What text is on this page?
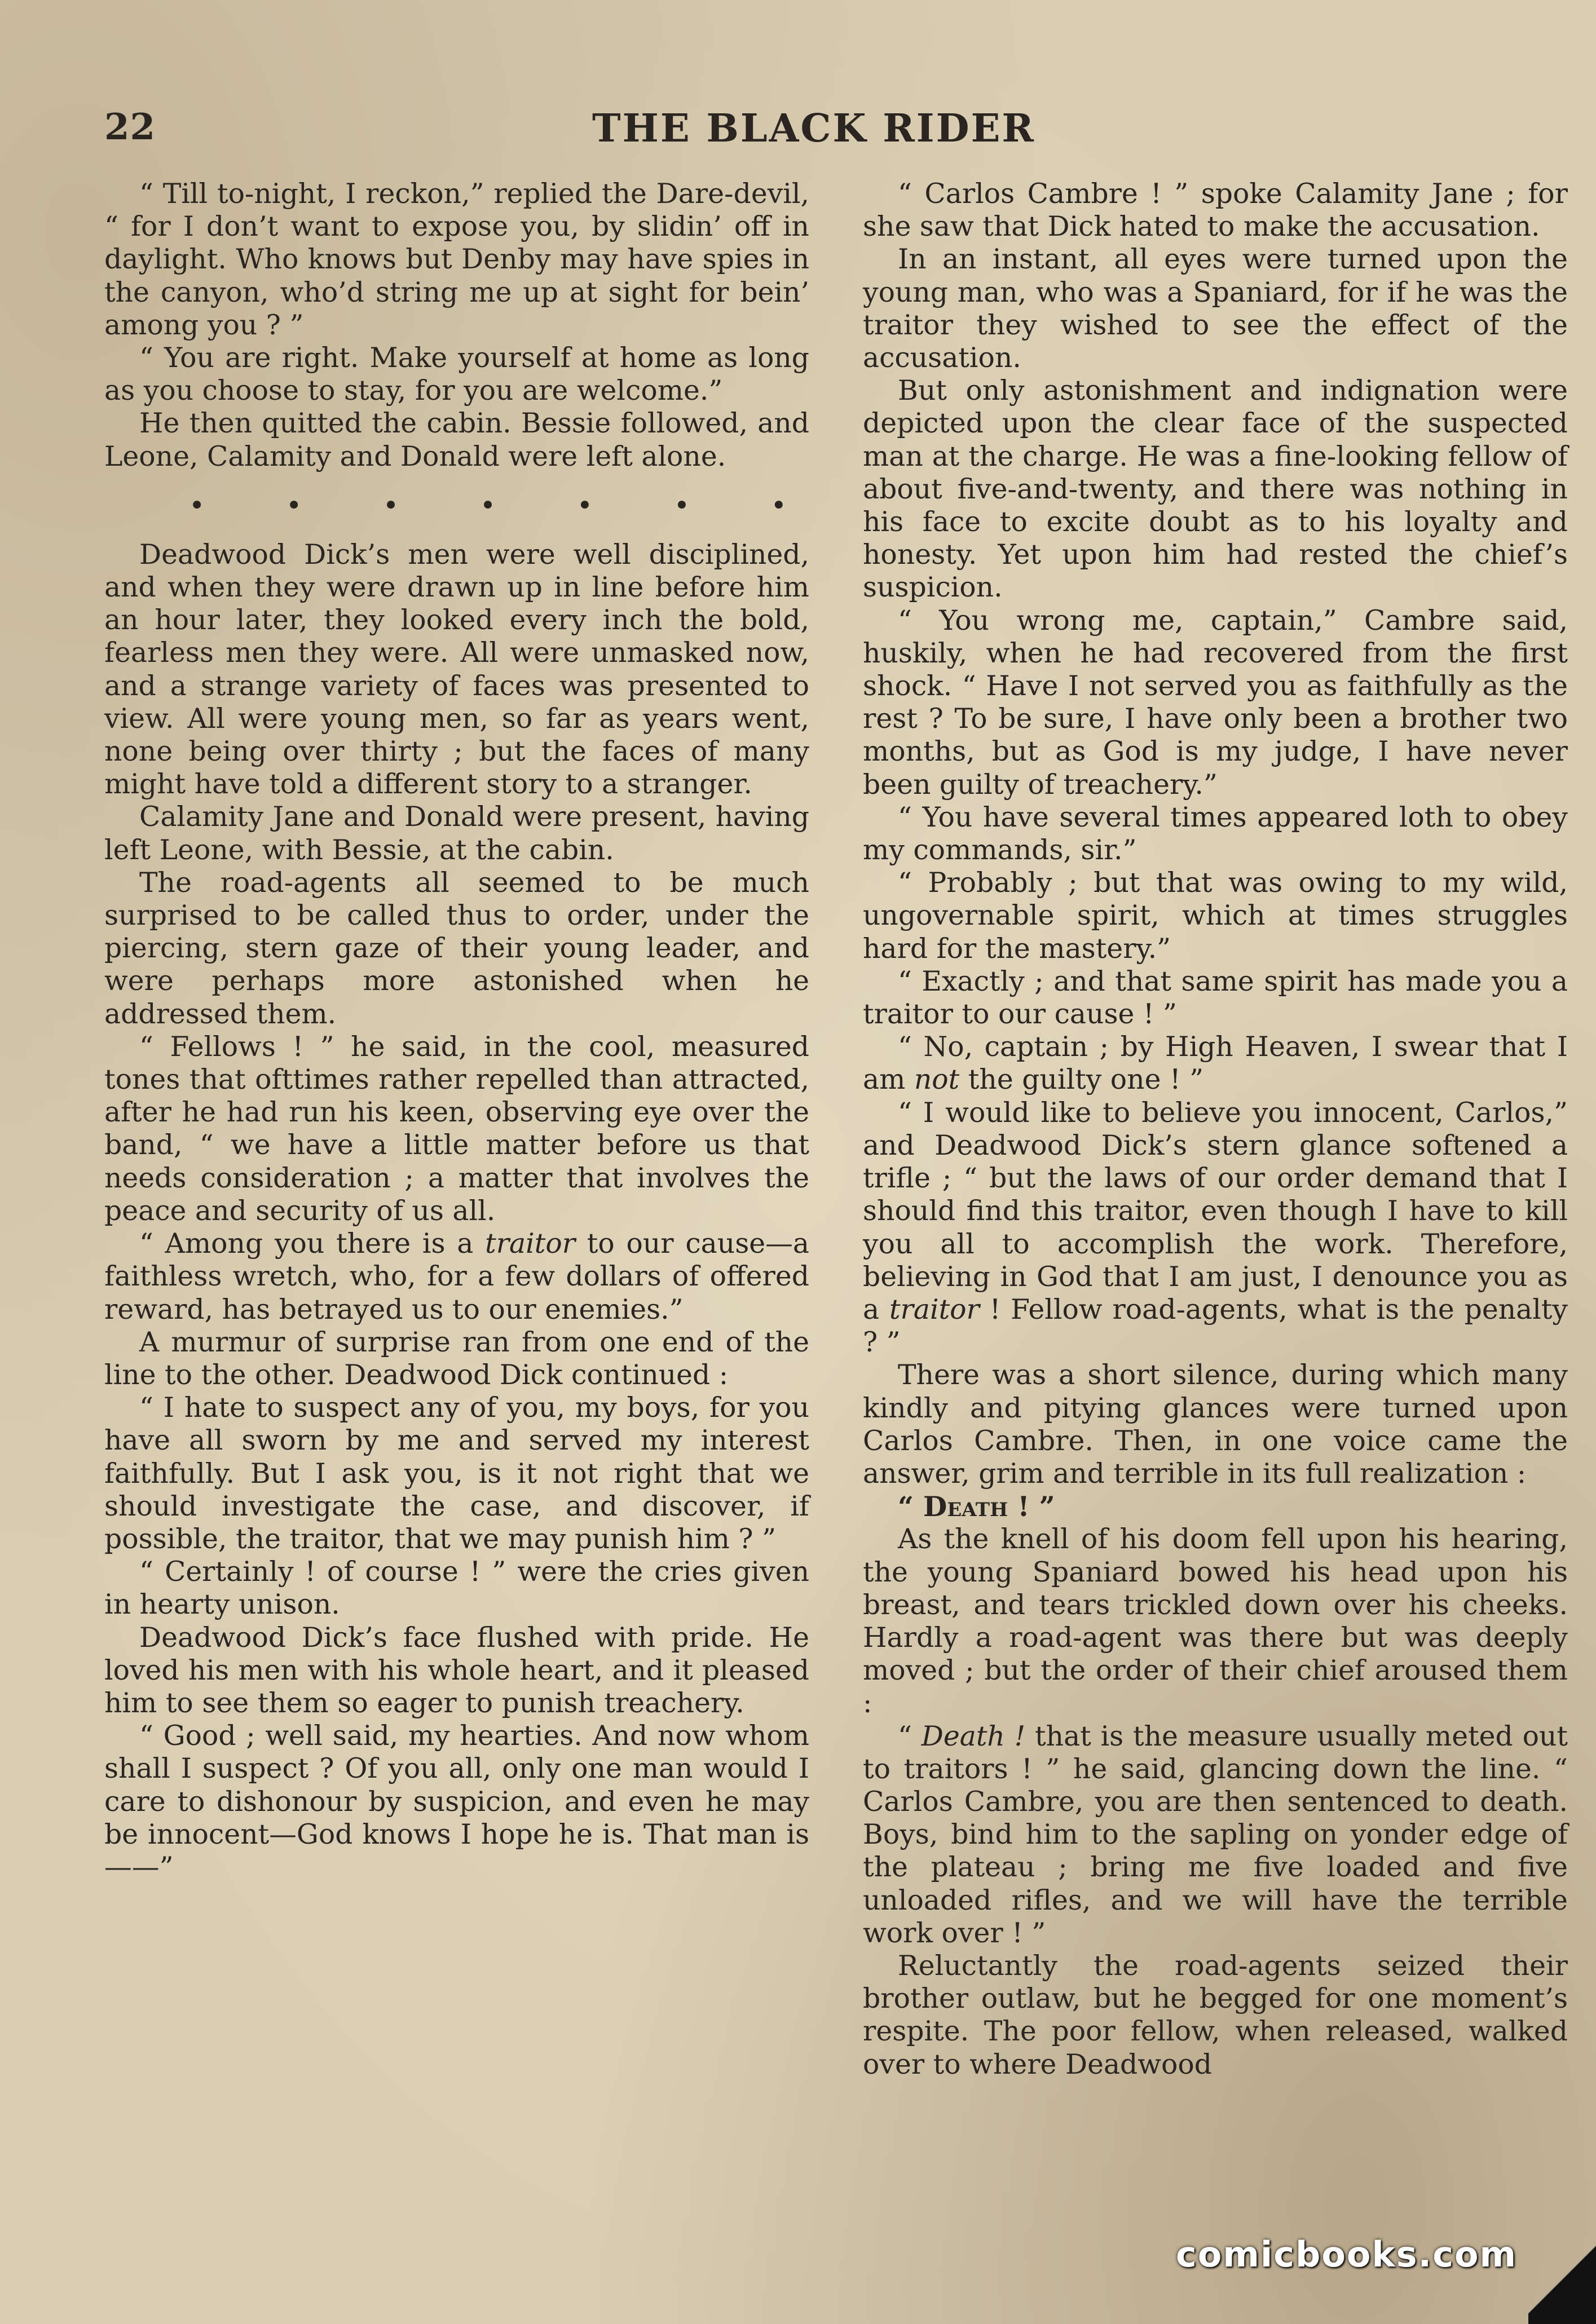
22	THE BLACK RIDER

“ Till to-night, I reckon,” replied the Dare-devil, “ for I don’t want to expose you, by slidin’ off in daylight. Who knows but Denby may have spies in the canyon, who’d string me up at sight for bein’ among you ? ”

“ You are right. Make yourself at home as long as you choose to stay, for you are welcome.”

He then quitted the cabin. Bessie followed, and Leone, Calamity and Donald were left alone.

•	•	•	•	•	•	•

Deadwood Dick’s men were well disciplined, and when they were drawn up in line before him an hour later, they looked every inch the bold, fearless men they were. All were unmasked now, and a strange variety of faces was presented to view. All were young men, so far as years went, none being over thirty ; but the faces of many might have told a different story to a stranger.

Calamity Jane and Donald were present, having left Leone, with Bessie, at the cabin.

The road-agents all seemed to be much surprised to be called thus to order, under the piercing, stern gaze of their young leader, and were perhaps more astonished when he addressed them.

“ Fellows ! ” he said, in the cool, measured tones that ofttimes rather repelled than attracted, after he had run his keen, observing eye over the band, “ we have a little matter before us that needs consideration ; a matter that involves the peace and security of us all.

“ Among you there is a traitor to our cause—a faithless wretch, who, for a few dollars of offered reward, has betrayed us to our enemies.”

A murmur of surprise ran from one end of the line to the other. Deadwood Dick continued :

“ I hate to suspect any of you, my boys, for you have all sworn by me and served my interest faithfully. But I ask you, is it not right that we should investigate the case, and discover, if possible, the traitor, that we may punish him ? ”

“ Certainly ! of course ! ” were the cries given in hearty unison.

Deadwood Dick’s face flushed with pride. He loved his men with his whole heart, and it pleased him to see them so eager to punish treachery.

“ Good ; well said, my hearties. And now whom shall I suspect ? Of you all, only one man would I care to dishonour by suspicion, and even he may be innocent—God knows I hope he is. That man is——”

“ Carlos Cambre ! ” spoke Calamity Jane ; for she saw that Dick hated to make the accusation.

In an instant, all eyes were turned upon the young man, who was a Spaniard, for if he was the traitor they wished to see the effect of the accusation.

But only astonishment and indignation were depicted upon the clear face of the suspected man at the charge. He was a fine-looking fellow of about five-and-twenty, and there was nothing in his face to excite doubt as to his loyalty and honesty. Yet upon him had rested the chief’s suspicion.

“ You wrong me, captain,” Cambre said, huskily, when he had recovered from the first shock. “ Have I not served you as faithfully as the rest ? To be sure, I have only been a brother two months, but as God is my judge, I have never been guilty of treachery.”

“ You have several times appeared loth to obey my commands, sir.”

“ Probably ; but that was owing to my wild, ungovernable spirit, which at times struggles hard for the mastery.”

“ Exactly ; and that same spirit has made you a traitor to our cause ! ”

“ No, captain ; by High Heaven, I swear that I am not the guilty one ! ”

“ I would like to believe you innocent, Carlos,” and Deadwood Dick’s stern glance softened a trifle ; “ but the laws of our order demand that I should find this traitor, even though I have to kill you all to accomplish the work. Therefore, believing in God that I am just, I denounce you as a traitor ! Fellow road-agents, what is the penalty ? ”

There was a short silence, during which many kindly and pitying glances were turned upon Carlos Cambre. Then, in one voice came the answer, grim and terrible in its full realization :

“ Death ! ”

As the knell of his doom fell upon his hearing, the young Spaniard bowed his head upon his breast, and tears trickled down over his cheeks. Hardly a road-agent was there but was deeply moved ; but the order of their chief aroused them :

“ Death ! that is the measure usually meted out to traitors ! ” he said, glancing down the line. “ Carlos Cambre, you are then sentenced to death. Boys, bind him to the sapling on yonder edge of the plateau ; bring me five loaded and five unloaded rifles, and we will have the terrible work over ! ”

Reluctantly the road-agents seized their brother outlaw, but he begged for one moment’s respite. The poor fellow, when released, walked over to where Deadwood

comicbooks.com
